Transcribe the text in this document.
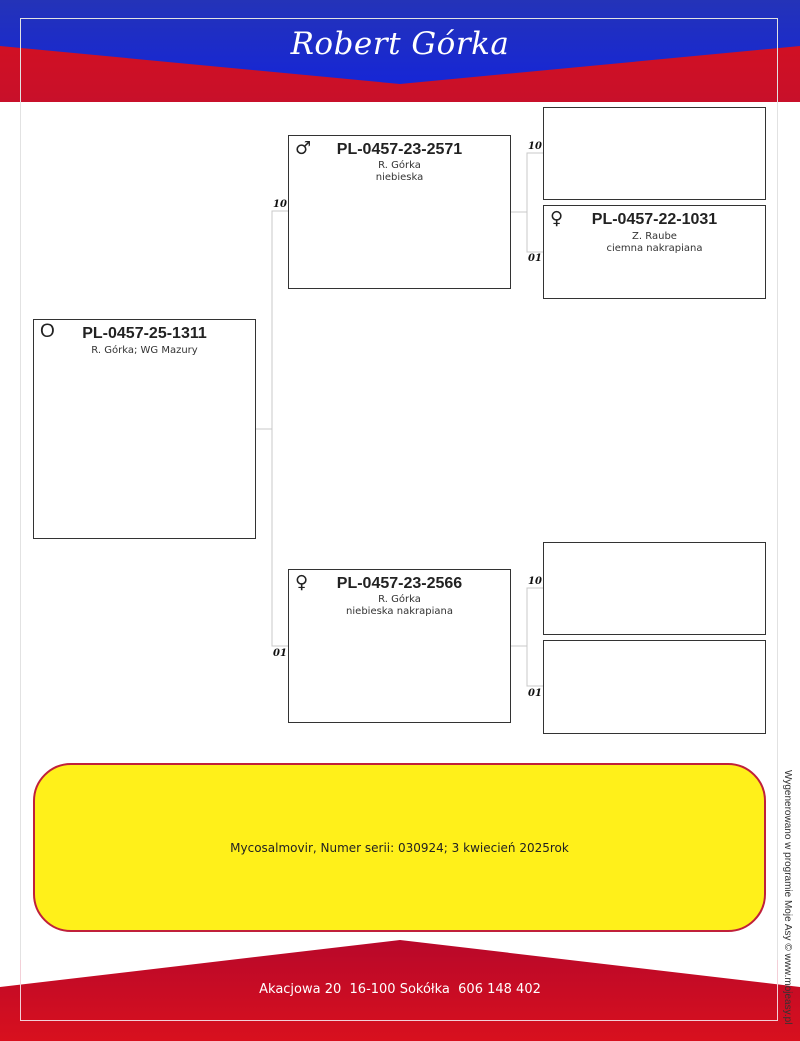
Robert Górka
O	PL-0457-25-1311
R. Górka; WG Mazury
10
♂	PL-0457-23-2571
R. Górka
niebieska
01
♀	PL-0457-23-2566
R. Górka
niebieska nakrapiana
10
01
♀	PL-0457-22-1031
Z. Raube
ciemna nakrapiana
10
01
Mycosalmovir, Numer serii: 030924; 3 kwiecień 2025rok
Akacjowa 20  16-100 Sokółka  606 148 402	Wygenerowano w programie Moje Asy © www.mojeasy.pl
